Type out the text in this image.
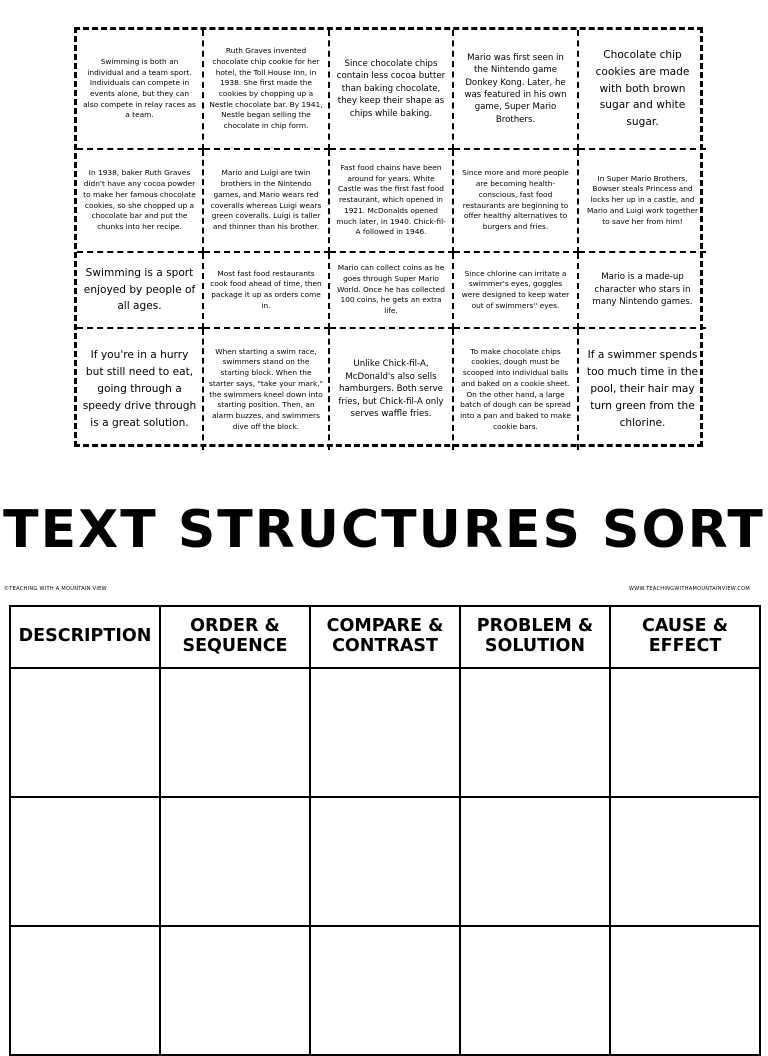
Swimming is both an individual and a team sport. Individuals can compete in events alone, but they can also compete in relay races as a team.
Ruth Graves invented chocolate chip cookie for her hotel, the Toll House Inn, in 1938. She first made the cookies by chopping up a Nestle chocolate bar. By 1941, Nestle began selling the chocolate in chip form.
Since chocolate chips contain less cocoa butter than baking chocolate, they keep their shape as chips while baking.
Mario was first seen in the Nintendo game Donkey Kong. Later, he was featured in his own game, Super Mario Brothers.
Chocolate chip cookies are made with both brown sugar and white sugar.
In 1938, baker Ruth Graves didn't have any cocoa powder to make her famous chocolate cookies, so she chopped up a chocolate bar and put the chunks into her recipe.
Mario and Luigi are twin brothers in the Nintendo games, and Mario wears red coveralls whereas Luigi wears green coveralls. Luigi is taller and thinner than his brother.
Fast food chains have been around for years. White Castle was the first fast food restaurant, which opened in 1921. McDonalds opened much later, in 1940. Chick-fil-A followed in 1946.
Since more and more people are becoming health-conscious, fast food restaurants are beginning to offer healthy alternatives to burgers and fries.
In Super Mario Brothers, Bowser steals Princess and locks her up in a castle, and Mario and Luigi work together to save her from him!
Swimming is a sport enjoyed by people of all ages.
Most fast food restaurants cook food ahead of time, then package it up as orders come in.
Mario can collect coins as he goes through Super Mario World. Once he has collected 100 coins, he gets an extra life.
Since chlorine can irritate a swimmer's eyes, goggles were designed to keep water out of swimmers'' eyes.
Mario is a made-up character who stars in many Nintendo games.
If you're in a hurry but still need to eat, going through a speedy drive through is a great solution.
When starting a swim race, swimmers stand on the starting block. When the starter says, "take your mark," the swimmers kneel down into starting position. Then, an alarm buzzes, and swimmers dive off the block.
Unlike Chick-fil-A, McDonald's also sells hamburgers. Both serve fries, but Chick-fil-A only serves waffle fries.
To make chocolate chips cookies, dough must be scooped into individual balls and baked on a cookie sheet. On the other hand, a large batch of dough can be spread into a pan and baked to make cookie bars.
If a swimmer spends too much time in the pool, their hair may turn green from the chlorine.
TEXT STRUCTURES SORT
©TEACHING WITH A MOUNTAIN VIEW	WWW.TEACHINGWITHAMOUNTAINVIEW.COM
DESCRIPTION	ORDER & SEQUENCE	COMPARE & CONTRAST	PROBLEM & SOLUTION	CAUSE & EFFECT
